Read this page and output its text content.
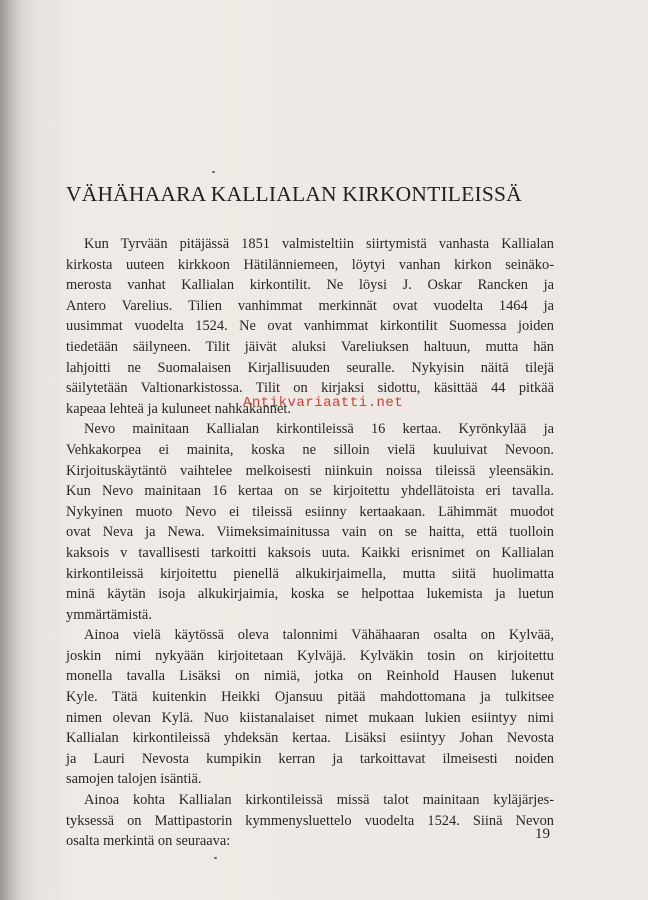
VÄHÄHAARA KALLIALAN KIRKONTILEISSÄ
Kun Tyrvään pitäjässä 1851 valmisteltiin siirtymistä vanhasta Kallialan
kirkosta uuteen kirkkoon Hätilänniemeen, löytyi vanhan kirkon seinäko-
merosta vanhat Kallialan kirkontilit. Ne löysi J. Oskar Rancken ja
Antero Varelius. Tilien vanhimmat merkinnät ovat vuodelta 1464 ja
uusimmat vuodelta 1524. Ne ovat vanhimmat kirkontilit Suomessa joiden
tiedetään säilyneen. Tilit jäivät aluksi Vareliuksen haltuun, mutta hän
lahjoitti ne Suomalaisen Kirjallisuuden seuralle. Nykyisin näitä tilejä
säilytetään Valtionarkistossa. Tilit on kirjaksi sidottu, käsittää 44 pitkää
kapeaa lehteä ja kuluneet nahkakannet.
Nevo mainitaan Kallialan kirkontileissä 16 kertaa. Kyrönkylää ja
Vehkakorpea ei mainita, koska ne silloin vielä kuuluivat Nevoon.
Kirjoituskäytäntö vaihtelee melkoisesti niinkuin noissa tileissä yleensäkin.
Kun Nevo mainitaan 16 kertaa on se kirjoitettu yhdellätoista eri tavalla.
Nykyinen muoto Nevo ei tileissä esiinny kertaakaan. Lähimmät muodot
ovat Neva ja Newa. Viimeksimainitussa vain on se haitta, että tuolloin
kaksois v tavallisesti tarkoitti kaksois uuta. Kaikki erisnimet on Kallialan
kirkontileissä kirjoitettu pienellä alkukirjaimella, mutta siitä huolimatta
minä käytän isoja alkukirjaimia, koska se helpottaa lukemista ja luetun
ymmärtämistä.
Ainoa vielä käytössä oleva talonnimi Vähähaaran osalta on Kylvää,
joskin nimi nykyään kirjoitetaan Kylväjä. Kylväkin tosin on kirjoitettu
monella tavalla Lisäksi on nimiä, jotka on Reinhold Hausen lukenut
Kyle. Tätä kuitenkin Heikki Ojansuu pitää mahdottomana ja tulkitsee
nimen olevan Kylä. Nuo kiistanalaiset nimet mukaan lukien esiintyy nimi
Kallialan kirkontileissä yhdeksän kertaa. Lisäksi esiintyy Johan Nevosta
ja Lauri Nevosta kumpikin kerran ja tarkoittavat ilmeisesti noiden
samojen talojen isäntiä.
Ainoa kohta Kallialan kirkontileissä missä talot mainitaan kyläjärjes-
tyksessä on Mattipastorin kymmenysluettelo vuodelta 1524. Siinä Nevon
osalta merkintä on seuraava:
Antikvariaatti.net
19
